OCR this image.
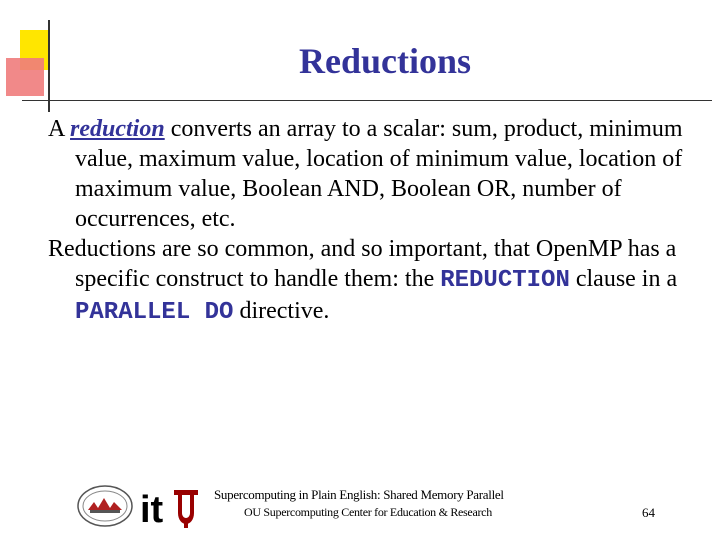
Reductions

A reduction converts an array to a scalar: sum, product, minimum value, maximum value, location of minimum value, location of maximum value, Boolean AND, Boolean OR, number of occurrences, etc.

Reductions are so common, and so important, that OpenMP has a specific construct to handle them: the REDUCTION clause in a PARALLEL DO directive.

it	Supercomputing in Plain English: Shared Memory Parallel
OU Supercomputing Center for Education & Research	64
